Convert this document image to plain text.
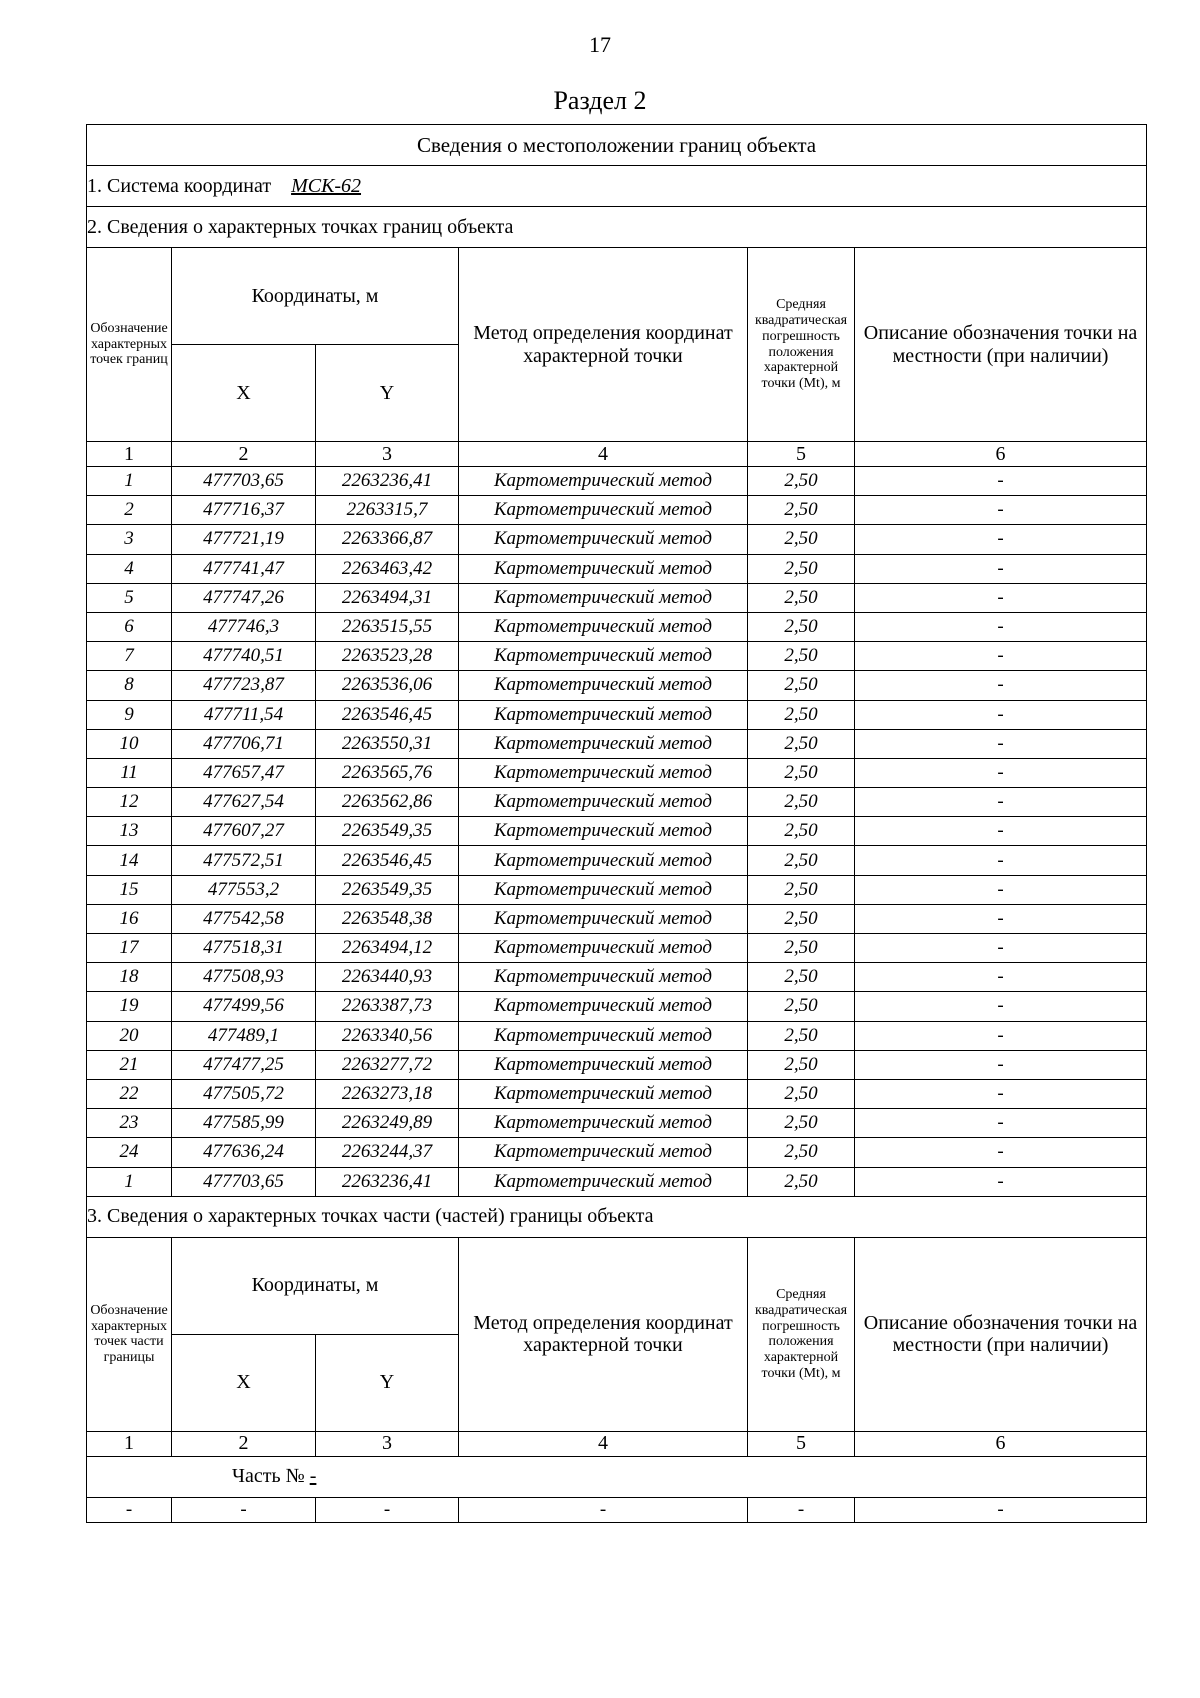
17
Раздел 2
Сведения о местоположении границ объекта					
1. Система координат МСК-62					
2. Сведения о характерных точках границ объекта					
Обозначение характерных точек границ	Координаты, м		Метод определения координат характерной точки	Средняя квадратическая погрешность положения характерной точки (Mt), м	Описание обозначения точки на местности (при наличии)
	X	Y			
1	2	3	4	5	6
1	477703,65	2263236,41	Картометрический метод	2,50	-
2	477716,37	2263315,7	Картометрический метод	2,50	-
3	477721,19	2263366,87	Картометрический метод	2,50	-
4	477741,47	2263463,42	Картометрический метод	2,50	-
5	477747,26	2263494,31	Картометрический метод	2,50	-
6	477746,3	2263515,55	Картометрический метод	2,50	-
7	477740,51	2263523,28	Картометрический метод	2,50	-
8	477723,87	2263536,06	Картометрический метод	2,50	-
9	477711,54	2263546,45	Картометрический метод	2,50	-
10	477706,71	2263550,31	Картометрический метод	2,50	-
11	477657,47	2263565,76	Картометрический метод	2,50	-
12	477627,54	2263562,86	Картометрический метод	2,50	-
13	477607,27	2263549,35	Картометрический метод	2,50	-
14	477572,51	2263546,45	Картометрический метод	2,50	-
15	477553,2	2263549,35	Картометрический метод	2,50	-
16	477542,58	2263548,38	Картометрический метод	2,50	-
17	477518,31	2263494,12	Картометрический метод	2,50	-
18	477508,93	2263440,93	Картометрический метод	2,50	-
19	477499,56	2263387,73	Картометрический метод	2,50	-
20	477489,1	2263340,56	Картометрический метод	2,50	-
21	477477,25	2263277,72	Картометрический метод	2,50	-
22	477505,72	2263273,18	Картометрический метод	2,50	-
23	477585,99	2263249,89	Картометрический метод	2,50	-
24	477636,24	2263244,37	Картометрический метод	2,50	-
1	477703,65	2263236,41	Картометрический метод	2,50	-
3. Сведения о характерных точках части (частей) границы объекта					
Обозначение характерных точек части границы	Координаты, м		Метод определения координат характерной точки	Средняя квадратическая погрешность положения характерной точки (Mt), м	Описание обозначения точки на местности (при наличии)
	X	Y			
1	2	3	4	5	6
Часть № -					
-	-	-	-	-	-
